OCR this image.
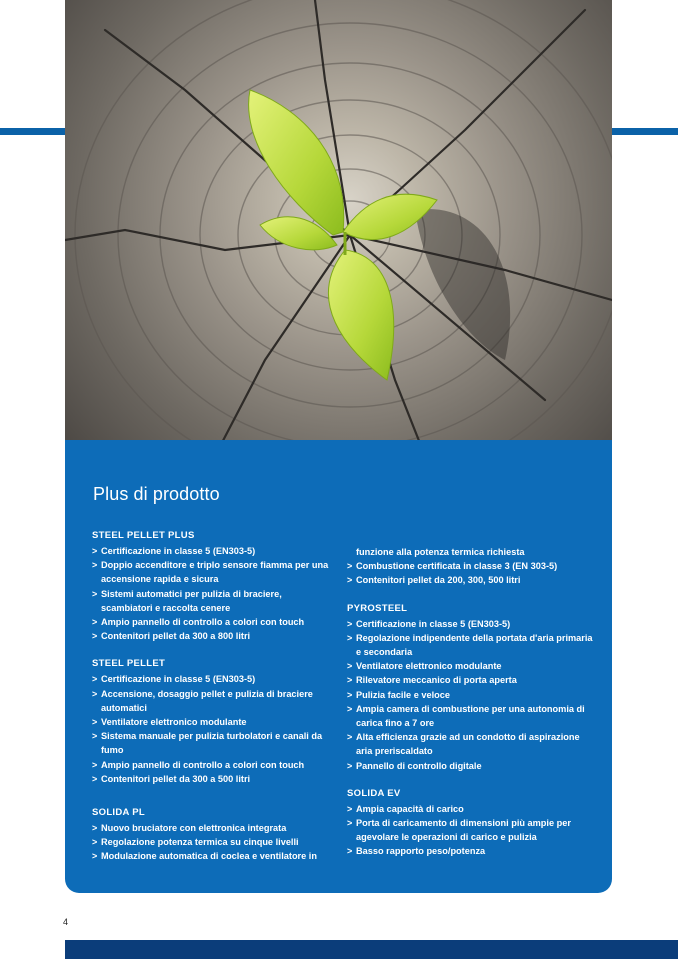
Plus di prodotto
STEEL PELLET PLUS
> Certificazione in classe 5 (EN303-5)
> Doppio accenditore e triplo sensore fiamma per una accensione rapida e sicura
> Sistemi automatici per pulizia di braciere, scambiatori e raccolta cenere
> Ampio pannello di controllo a colori con touch
> Contenitori pellet da 300 a 800 litri
STEEL PELLET
> Certificazione in classe 5 (EN303-5)
> Accensione, dosaggio pellet e pulizia di braciere automatici
> Ventilatore elettronico modulante
> Sistema manuale per pulizia turbolatori e canali da fumo
> Ampio pannello di controllo a colori con touch
> Contenitori pellet da 300 a 500 litri
SOLIDA PL
> Nuovo bruciatore con elettronica integrata
> Regolazione potenza termica su cinque livelli
> Modulazione automatica di coclea e ventilatore in
funzione alla potenza termica richiesta
> Combustione certificata in classe 3 (EN 303-5)
> Contenitori pellet da 200, 300, 500 litri
PYROSTEEL
> Certificazione in classe 5 (EN303-5)
> Regolazione indipendente della portata d'aria primaria e secondaria
> Ventilatore elettronico modulante
> Rilevatore meccanico di porta aperta
> Pulizia facile e veloce
> Ampia camera di combustione per una autonomia di carica fino a 7 ore
> Alta efficienza grazie ad un condotto di aspirazione aria preriscaldato
> Pannello di controllo digitale
SOLIDA EV
> Ampia capacità di carico
> Porta di caricamento di dimensioni più ampie per agevolare le operazioni di carico e pulizia
> Basso rapporto peso/potenza
4
